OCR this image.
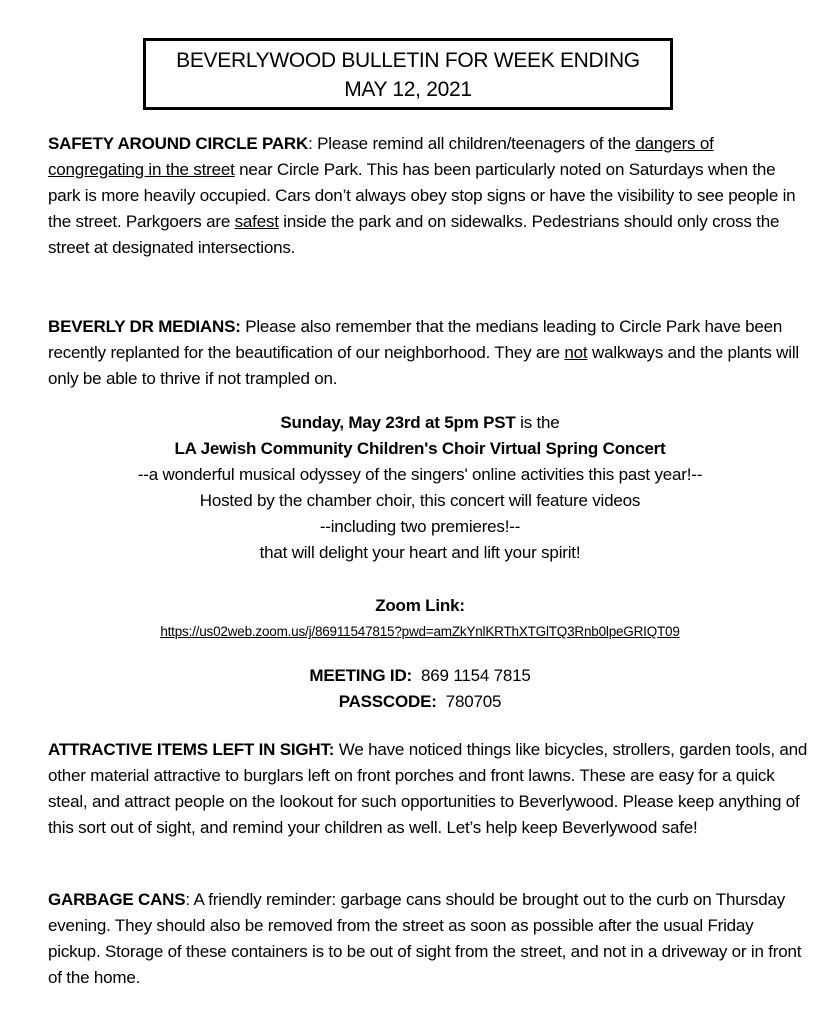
BEVERLYWOOD BULLETIN FOR WEEK ENDING
MAY 12, 2021
SAFETY AROUND CIRCLE PARK: Please remind all children/teenagers of the dangers of congregating in the street near Circle Park. This has been particularly noted on Saturdays when the park is more heavily occupied. Cars don’t always obey stop signs or have the visibility to see people in the street. Parkgoers are safest inside the park and on sidewalks. Pedestrians should only cross the street at designated intersections.
BEVERLY DR MEDIANS: Please also remember that the medians leading to Circle Park have been recently replanted for the beautification of our neighborhood. They are not walkways and the plants will only be able to thrive if not trampled on.
Sunday, May 23rd at 5pm PST is the
LA Jewish Community Children's Choir Virtual Spring Concert
--a wonderful musical odyssey of the singers' online activities this past year!--
Hosted by the chamber choir, this concert will feature videos
--including two premieres!--
that will delight your heart and lift your spirit!
Zoom Link:
https://us02web.zoom.us/j/86911547815?pwd=amZkYnlKRThXTGlTQ3Rnb0lpeGRIQT09
MEETING ID:  869 1154 7815
PASSCODE:  780705
ATTRACTIVE ITEMS LEFT IN SIGHT: We have noticed things like bicycles, strollers, garden tools, and other material attractive to burglars left on front porches and front lawns. These are easy for a quick steal, and attract people on the lookout for such opportunities to Beverlywood. Please keep anything of this sort out of sight, and remind your children as well. Let’s help keep Beverlywood safe!
GARBAGE CANS: A friendly reminder: garbage cans should be brought out to the curb on Thursday evening. They should also be removed from the street as soon as possible after the usual Friday pickup. Storage of these containers is to be out of sight from the street, and not in a driveway or in front of the home.
